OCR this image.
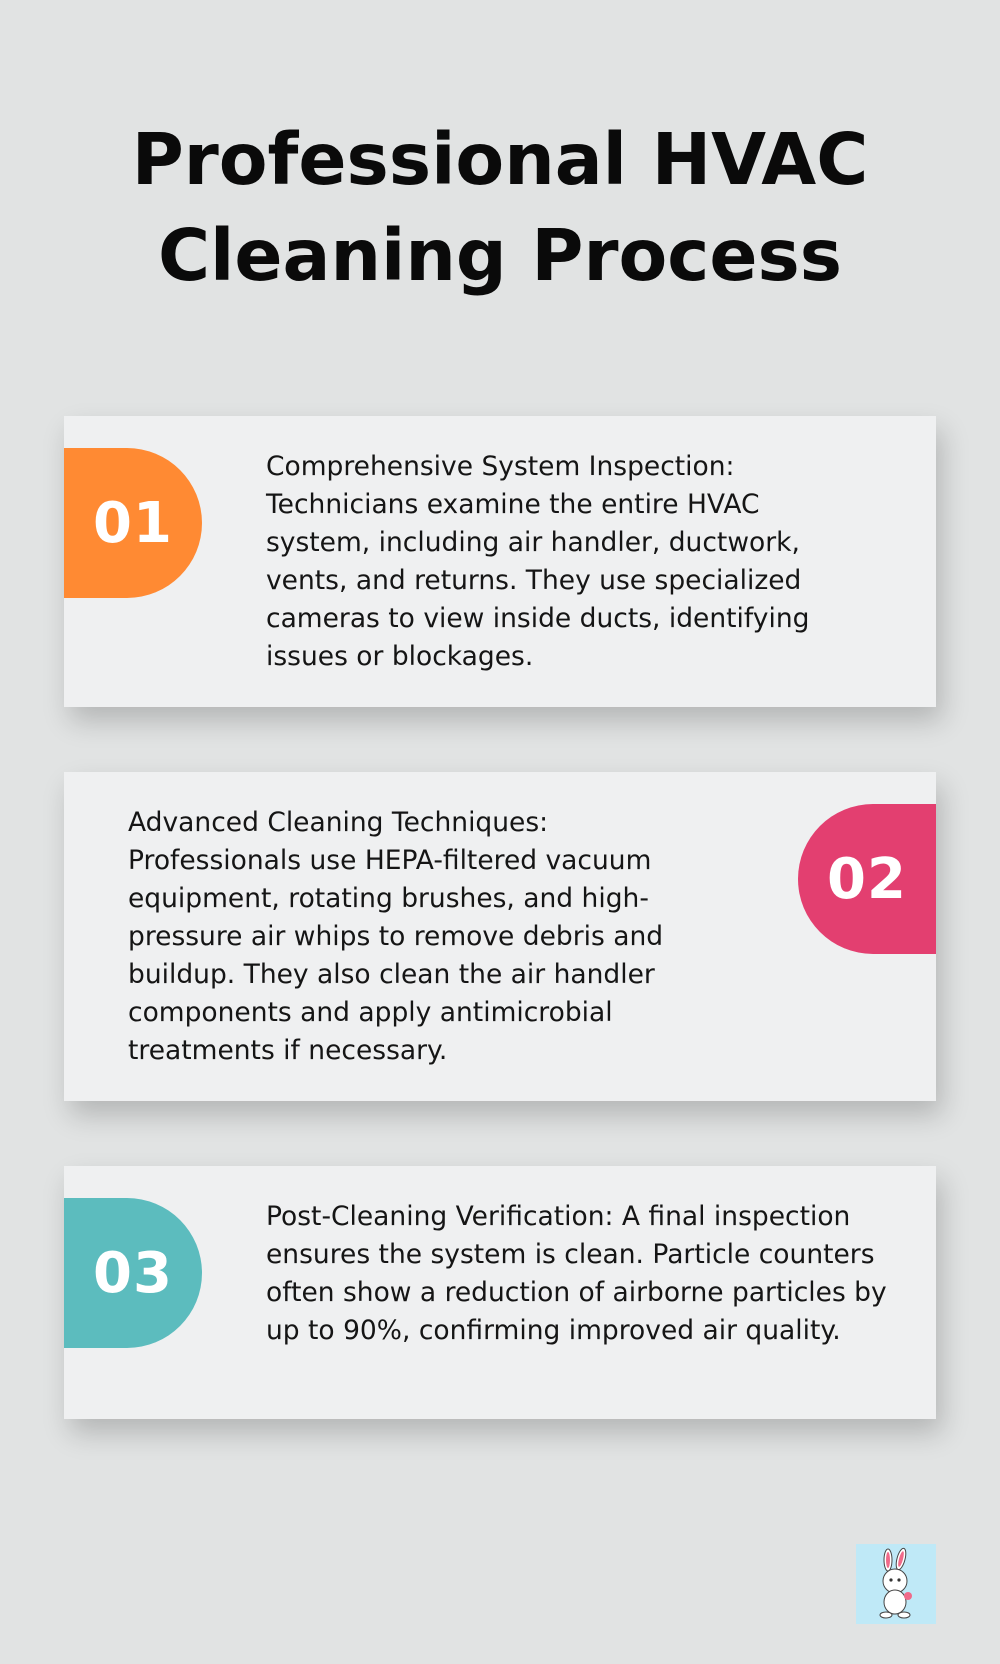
Professional HVAC Cleaning Process
01

Comprehensive System Inspection: Technicians examine the entire HVAC system, including air handler, ductwork, vents, and returns. They use specialized cameras to view inside ducts, identifying issues or blockages.

02

Advanced Cleaning Techniques: Professionals use HEPA-filtered vacuum equipment, rotating brushes, and high-pressure air whips to remove debris and buildup. They also clean the air handler components and apply antimicrobial treatments if necessary.

03

Post-Cleaning Verification: A final inspection ensures the system is clean. Particle counters often show a reduction of airborne particles by up to 90%, confirming improved air quality.
